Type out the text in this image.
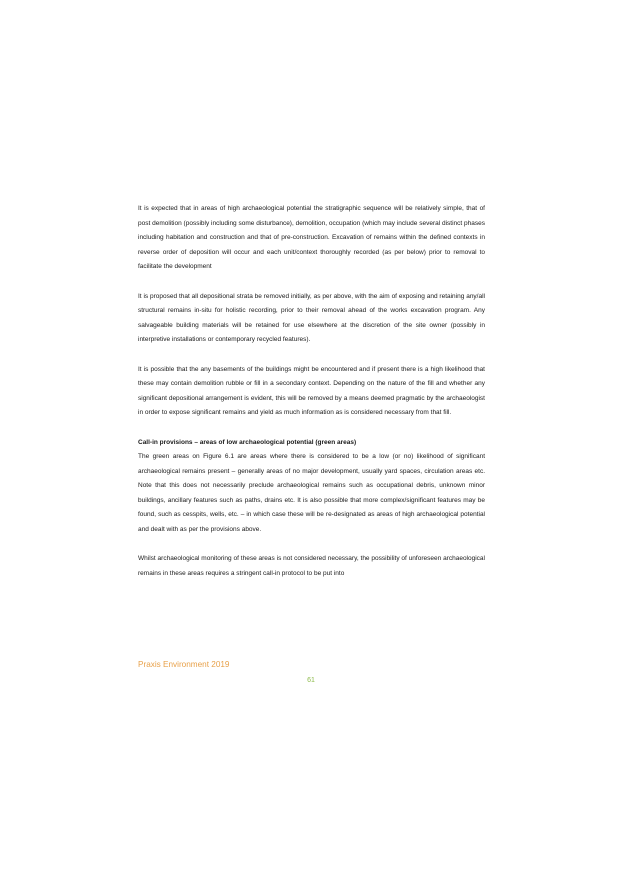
It is expected that in areas of high archaeological potential the stratigraphic sequence will be relatively simple, that of post demolition (possibly including some disturbance), demolition, occupation (which may include several distinct phases including habitation and construction and that of pre-construction. Excavation of remains within the defined contexts in reverse order of deposition will occur and each unit/context thoroughly recorded (as per below) prior to removal to facilitate the development

It is proposed that all depositional strata be removed initially, as per above, with the aim of exposing and retaining any/all structural remains in-situ for holistic recording, prior to their removal ahead of the works excavation program. Any salvageable building materials will be retained for use elsewhere at the discretion of the site owner (possibly in interpretive installations or contemporary recycled features).

It is possible that the any basements of the buildings might be encountered and if present there is a high likelihood that these may contain demolition rubble or fill in a secondary context. Depending on the nature of the fill and whether any significant depositional arrangement is evident, this will be removed by a means deemed pragmatic by the archaeologist in order to expose significant remains and yield as much information as is considered necessary from that fill.

Call-in provisions – areas of low archaeological potential (green areas)

The green areas on Figure 6.1 are areas where there is considered to be a low (or no) likelihood of significant archaeological remains present – generally areas of no major development, usually yard spaces, circulation areas etc. Note that this does not necessarily preclude archaeological remains such as occupational debris, unknown minor buildings, ancillary features such as paths, drains etc. It is also possible that more complex/significant features may be found, such as cesspits, wells, etc. – in which case these will be re-designated as areas of high archaeological potential and dealt with as per the provisions above.

Whilst archaeological monitoring of these areas is not considered necessary, the possibility of unforeseen archaeological remains in these areas requires a stringent call-in protocol to be put into

Praxis Environment 2019
61
